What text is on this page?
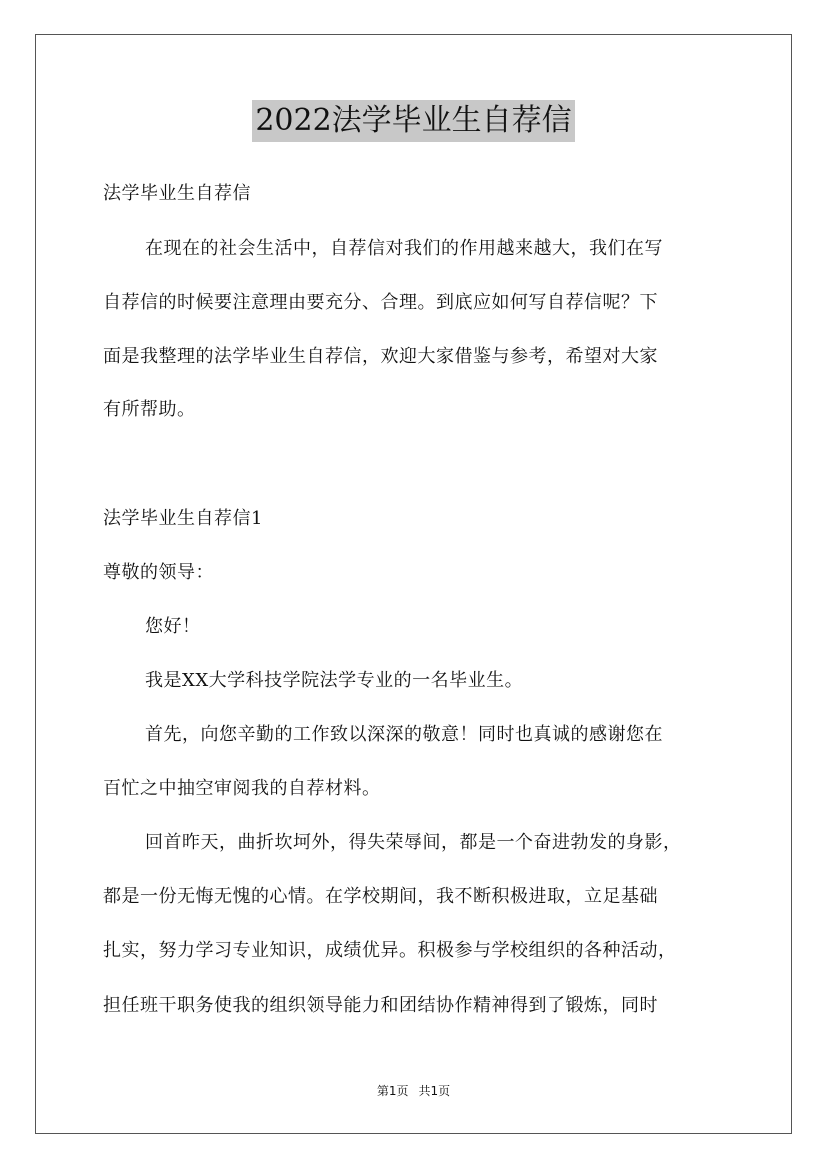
2022法学毕业生自荐信
法学毕业生自荐信
在现在的社会生活中，自荐信对我们的作用越来越大，我们在写
自荐信的时候要注意理由要充分、合理。到底应如何写自荐信呢？下
面是我整理的法学毕业生自荐信，欢迎大家借鉴与参考，希望对大家
有所帮助。
法学毕业生自荐信1
尊敬的领导：
您好！
我是XX大学科技学院法学专业的一名毕业生。
首先，向您辛勤的工作致以深深的敬意！同时也真诚的感谢您在
百忙之中抽空审阅我的自荐材料。
回首昨天，曲折坎坷外，得失荣辱间，都是一个奋进勃发的身影，
都是一份无悔无愧的心情。在学校期间，我不断积极进取，立足基础
扎实，努力学习专业知识，成绩优异。积极参与学校组织的各种活动，
担任班干职务使我的组织领导能力和团结协作精神得到了锻炼，同时
第1页 共1页
